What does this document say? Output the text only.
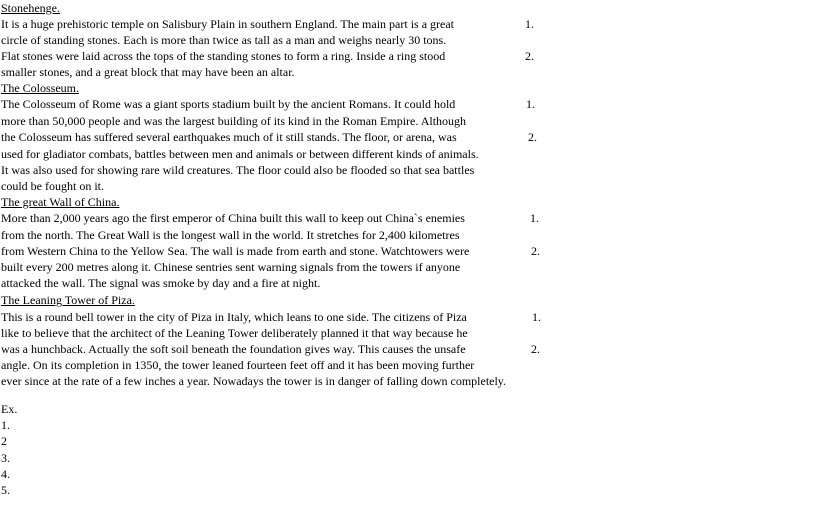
Stonehenge.
It is a huge prehistoric temple on Salisbury Plain in southern England. The main part is a great	1.
circle of standing stones. Each is more than twice as tall as a man and weighs nearly 30 tons.
Flat stones were laid across the tops of the standing stones to form a ring. Inside a ring stood	2.
smaller stones, and a great block that may have been an altar.
The Colosseum.
The Colosseum of Rome was a giant sports stadium built by the ancient Romans. It could hold	1.
more than 50,000 people and was the largest building of its kind in the Roman Empire. Although
the Colosseum has suffered several earthquakes much of it still stands. The floor, or arena, was	2.
used for gladiator combats, battles between men and animals or between different kinds of animals.
It was also used for showing rare wild creatures. The floor could also be flooded so that sea battles
could be fought on it.
The great Wall of China.
More than 2,000 years ago the first emperor of China built this wall to keep out China`s enemies	1.
from the north. The Great Wall is the longest wall in the world. It stretches for 2,400 kilometres
from Western China to the Yellow Sea. The wall is made from earth and stone. Watchtowers were	2.
built every 200 metres along it. Chinese sentries sent warning signals from the towers if anyone
attacked the wall. The signal was smoke by day and a fire at night.
The Leaning Tower of Piza.
This is a round bell tower in the city of Piza in Italy, which leans to one side. The citizens of Piza	1.
like to believe that the architect of the Leaning Tower deliberately planned it that way because he
was a hunchback. Actually the soft soil beneath the foundation gives way. This causes the unsafe	2.
angle. On its completion in 1350, the tower leaned fourteen feet off and it has been moving further
ever since at the rate of a few inches a year. Nowadays the tower is in danger of falling down completely.
Ex.
1.
2
3.
4.
5.
